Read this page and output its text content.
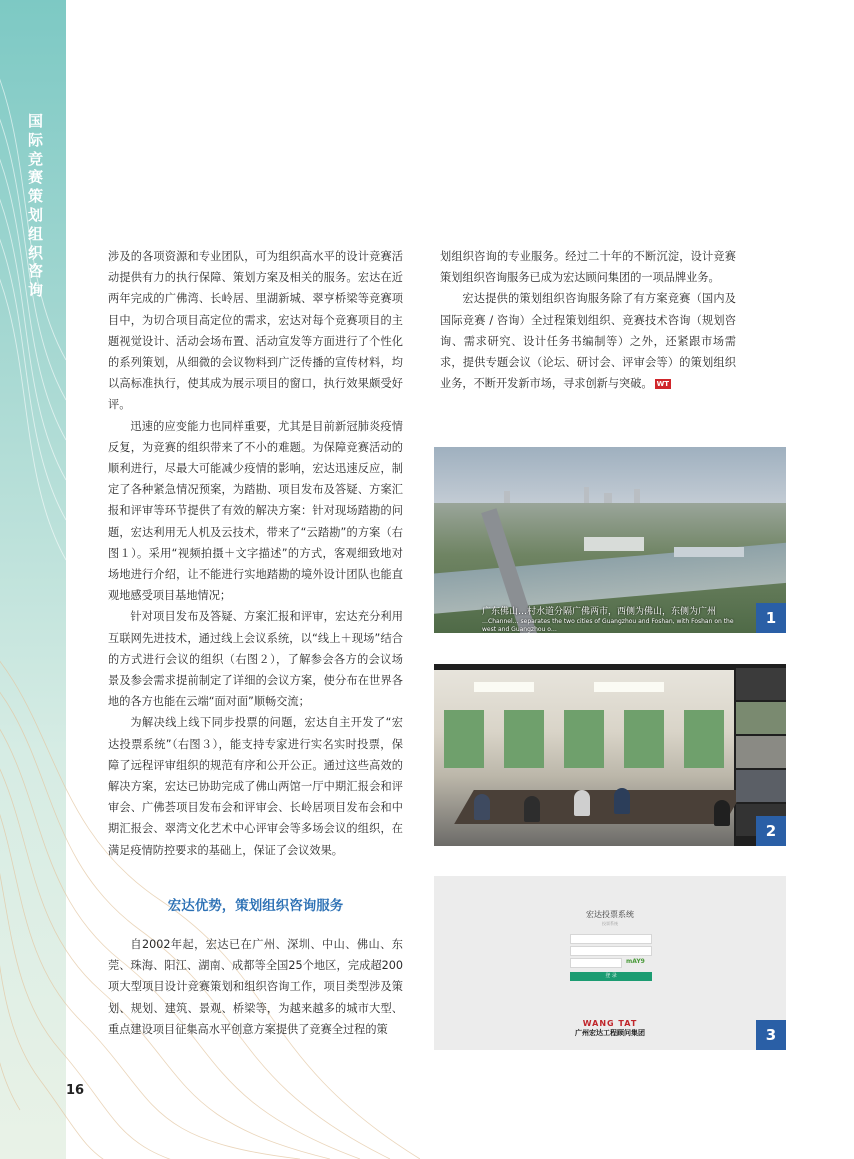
国际竞赛策划组织咨询

涉及的各项资源和专业团队，可为组织高水平的设计竞赛活动提供有力的执行保障、策划方案及相关的服务。宏达在近两年完成的广佛湾、长岭居、里湖新城、翠亨桥梁等竞赛项目中，为切合项目高定位的需求，宏达对每个竞赛项目的主题视觉设计、活动会场布置、活动宣发等方面进行了个性化的系列策划，从细微的会议物料到广泛传播的宣传材料，均以高标准执行，使其成为展示项目的窗口，执行效果颇受好评。

迅速的应变能力也同样重要，尤其是目前新冠肺炎疫情反复，为竞赛的组织带来了不小的难题。为保障竞赛活动的顺利进行，尽最大可能减少疫情的影响，宏达迅速反应，制定了各种紧急情况预案，为踏勘、项目发布及答疑、方案汇报和评审等环节提供了有效的解决方案：针对现场踏勘的问题，宏达利用无人机及云技术，带来了“云踏勘”的方案（右图１）。采用“视频拍摄＋文字描述”的方式，客观细致地对场地进行介绍，让不能进行实地踏勘的境外设计团队也能直观地感受项目基地情况；

针对项目发布及答疑、方案汇报和评审，宏达充分利用互联网先进技术，通过线上会议系统，以“线上＋现场”结合的方式进行会议的组织（右图２），了解参会各方的会议场景及参会需求提前制定了详细的会议方案，使分布在世界各地的各方也能在云端“面对面”顺畅交流；

为解决线上线下同步投票的问题，宏达自主开发了“宏达投票系统”（右图３），能支持专家进行实名实时投票，保障了远程评审组织的规范有序和公开公正。通过这些高效的解决方案，宏达已协助完成了佛山两馆一厅中期汇报会和评审会、广佛荟项目发布会和评审会、长岭居项目发布会和中期汇报会、翠湾文化艺术中心评审会等多场会议的组织，在满足疫情防控要求的基础上，保证了会议效果。

宏达优势，策划组织咨询服务

自2002年起，宏达已在广州、深圳、中山、佛山、东莞、珠海、阳江、湖南、成都等全国25个地区，完成超200项大型项目设计竞赛策划和组织咨询工作，项目类型涉及策划、规划、建筑、景观、桥梁等，为越来越多的城市大型、重点建设项目征集高水平创意方案提供了竞赛全过程的策

划组织咨询的专业服务。经过二十年的不断沉淀，设计竞赛策划组织咨询服务已成为宏达顾问集团的一项品牌业务。

宏达提供的策划组织咨询服务除了有方案竞赛（国内及国际竞赛 / 咨询）全过程策划组织、竞赛技术咨询（规划咨询、需求研究、设计任务书编制等）之外，还紧跟市场需求，提供专题会议（论坛、研讨会、评审会等）的策划组织业务，不断开发新市场，寻求创新与突破。 WT

广东佛山…村水道分隔广佛两市，西侧为佛山，东侧为广州
…Channel… separates the two cities of Guangzhou and Foshan, with Foshan on the west and Guangzhou o…
1
2
宏达投票系统
投票系统
mAY9
登 录
WANG TAT
广州宏达工程顾问集团	3
16
